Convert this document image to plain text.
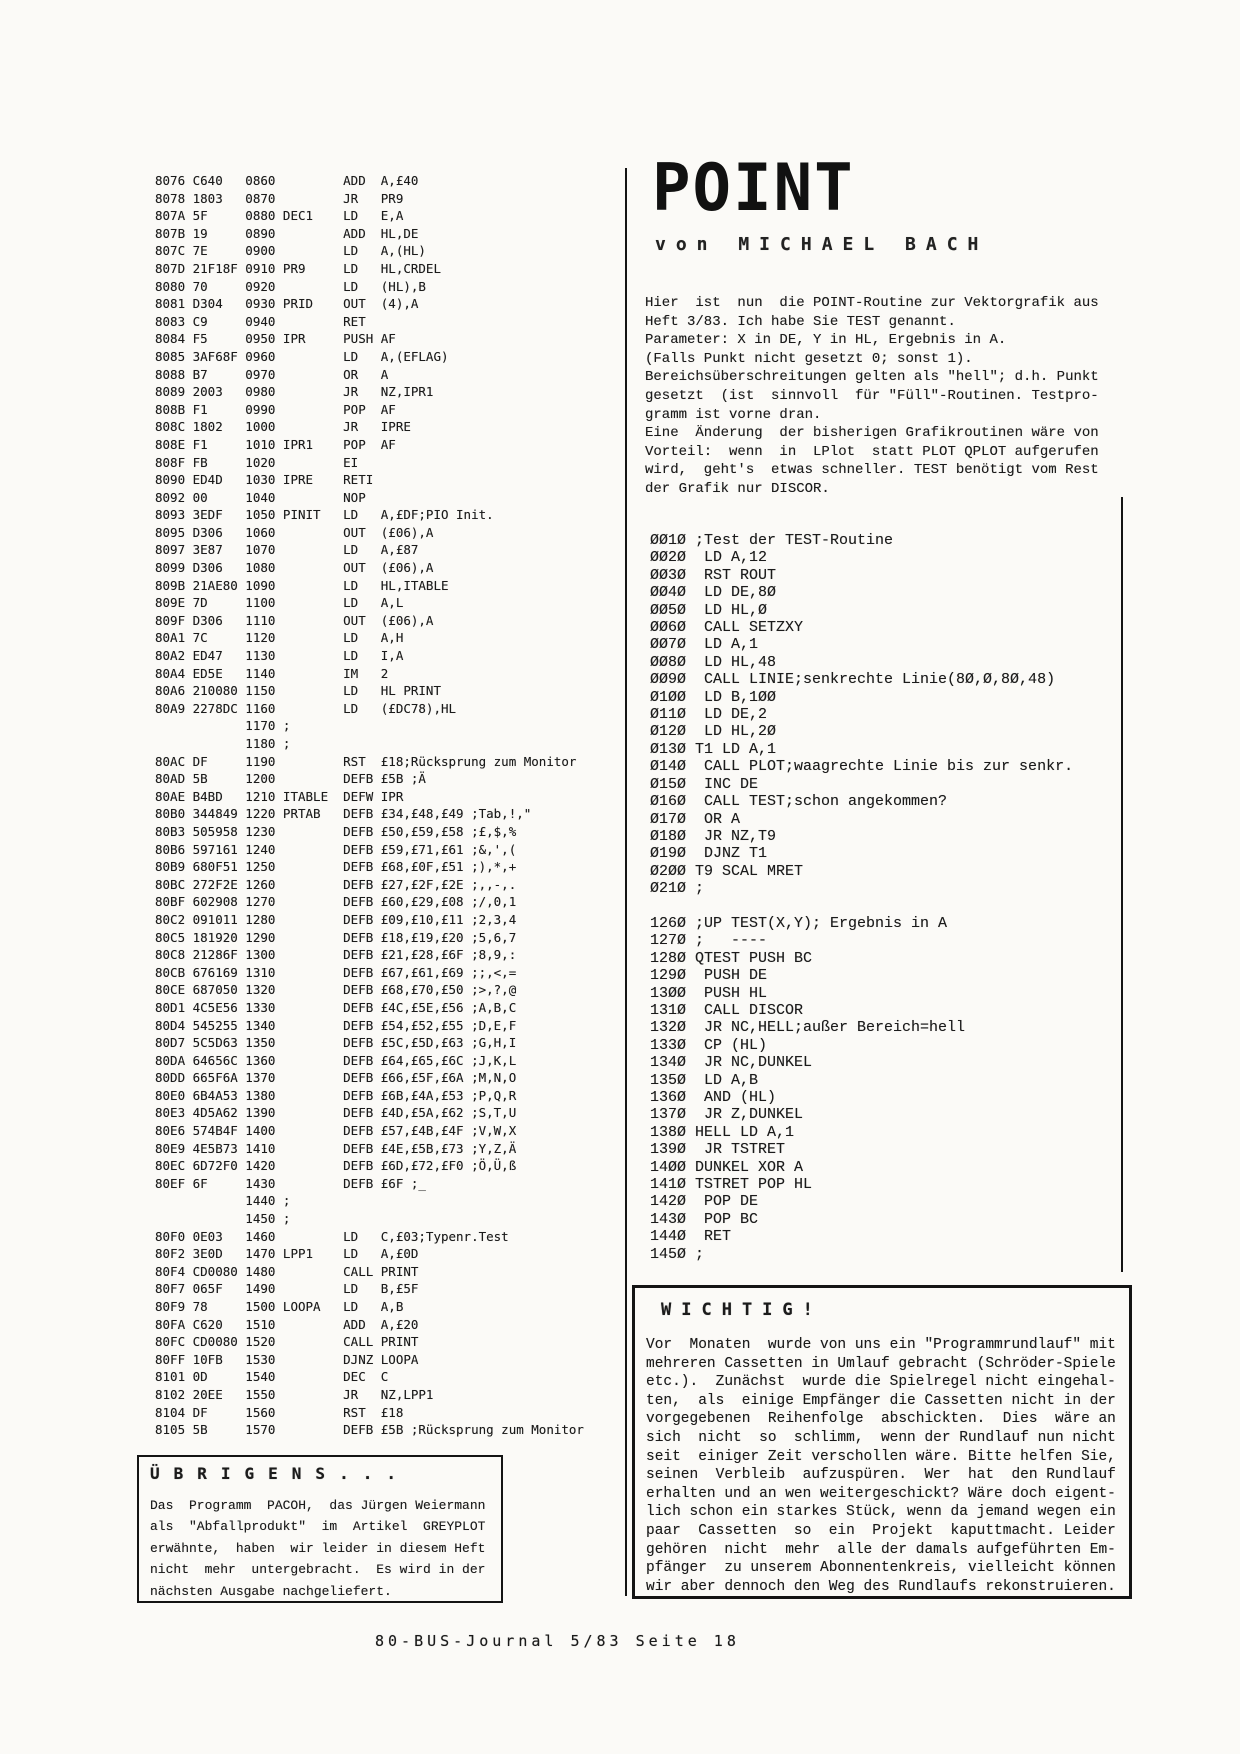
8076 C640   0860         ADD  A,£40
8078 1803   0870         JR   PR9
807A 5F     0880 DEC1    LD   E,A
807B 19     0890         ADD  HL,DE
807C 7E     0900         LD   A,(HL)
807D 21F18F 0910 PR9     LD   HL,CRDEL
8080 70     0920         LD   (HL),B
8081 D304   0930 PRID    OUT  (4),A
8083 C9     0940         RET
8084 F5     0950 IPR     PUSH AF
8085 3AF68F 0960         LD   A,(EFLAG)
8088 B7     0970         OR   A
8089 2003   0980         JR   NZ,IPR1
808B F1     0990         POP  AF
808C 1802   1000         JR   IPRE
808E F1     1010 IPR1    POP  AF
808F FB     1020         EI
8090 ED4D   1030 IPRE    RETI
8092 00     1040         NOP
8093 3EDF   1050 PINIT   LD   A,£DF;PIO Init.
8095 D306   1060         OUT  (£06),A
8097 3E87   1070         LD   A,£87
8099 D306   1080         OUT  (£06),A
809B 21AE80 1090         LD   HL,ITABLE
809E 7D     1100         LD   A,L
809F D306   1110         OUT  (£06),A
80A1 7C     1120         LD   A,H
80A2 ED47   1130         LD   I,A
80A4 ED5E   1140         IM   2
80A6 210080 1150         LD   HL PRINT
80A9 2278DC 1160         LD   (£DC78),HL
1170 ;
1180 ;
80AC DF     1190         RST  £18;Rücksprung zum Monitor
80AD 5B     1200         DEFB £5B ;Ä
80AE B4BD   1210 ITABLE  DEFW IPR
80B0 344849 1220 PRTAB   DEFB £34,£48,£49 ;Tab,!,"
80B3 505958 1230         DEFB £50,£59,£58 ;£,$,%
80B6 597161 1240         DEFB £59,£71,£61 ;&,',(
80B9 680F51 1250         DEFB £68,£0F,£51 ;),*,+
80BC 272F2E 1260         DEFB £27,£2F,£2E ;,,-,.
80BF 602908 1270         DEFB £60,£29,£08 ;/,0,1
80C2 091011 1280         DEFB £09,£10,£11 ;2,3,4
80C5 181920 1290         DEFB £18,£19,£20 ;5,6,7
80C8 21286F 1300         DEFB £21,£28,£6F ;8,9,:
80CB 676169 1310         DEFB £67,£61,£69 ;;,<,=
80CE 687050 1320         DEFB £68,£70,£50 ;>,?,@
80D1 4C5E56 1330         DEFB £4C,£5E,£56 ;A,B,C
80D4 545255 1340         DEFB £54,£52,£55 ;D,E,F
80D7 5C5D63 1350         DEFB £5C,£5D,£63 ;G,H,I
80DA 64656C 1360         DEFB £64,£65,£6C ;J,K,L
80DD 665F6A 1370         DEFB £66,£5F,£6A ;M,N,O
80E0 6B4A53 1380         DEFB £6B,£4A,£53 ;P,Q,R
80E3 4D5A62 1390         DEFB £4D,£5A,£62 ;S,T,U
80E6 574B4F 1400         DEFB £57,£4B,£4F ;V,W,X
80E9 4E5B73 1410         DEFB £4E,£5B,£73 ;Y,Z,Ä
80EC 6D72F0 1420         DEFB £6D,£72,£F0 ;Ö,Ü,ß
80EF 6F     1430         DEFB £6F ;_
1440 ;
1450 ;
80F0 0E03   1460         LD   C,£03;Typenr.Test
80F2 3E0D   1470 LPP1    LD   A,£0D
80F4 CD0080 1480         CALL PRINT
80F7 065F   1490         LD   B,£5F
80F9 78     1500 LOOPA   LD   A,B
80FA C620   1510         ADD  A,£20
80FC CD0080 1520         CALL PRINT
80FF 10FB   1530         DJNZ LOOPA
8101 0D     1540         DEC  C
8102 20EE   1550         JR   NZ,LPP1
8104 DF     1560         RST  £18
8105 5B     1570         DEFB £5B ;Rücksprung zum Monitor
POINT
von MICHAEL BACH
Hier  ist  nun  die POINT-Routine zur Vektorgrafik aus
Heft 3/83. Ich habe Sie TEST genannt.
Parameter: X in DE, Y in HL, Ergebnis in A.
(Falls Punkt nicht gesetzt 0; sonst 1).
Bereichsüberschreitungen gelten als "hell"; d.h. Punkt
gesetzt  (ist  sinnvoll  für "Füll"-Routinen. Testpro-
gramm ist vorne dran.
Eine  Änderung  der bisherigen Grafikroutinen wäre von
Vorteil:  wenn  in  LPlot  statt PLOT QPLOT aufgerufen
wird,  geht's  etwas schneller. TEST benötigt vom Rest
der Grafik nur DISCOR.
ØØ1Ø ;Test der TEST-Routine
ØØ2Ø  LD A,12
ØØ3Ø  RST ROUT
ØØ4Ø  LD DE,8Ø
ØØ5Ø  LD HL,Ø
ØØ6Ø  CALL SETZXY
ØØ7Ø  LD A,1
ØØ8Ø  LD HL,48
ØØ9Ø  CALL LINIE;senkrechte Linie(8Ø,Ø,8Ø,48)
Ø1ØØ  LD B,1ØØ
Ø11Ø  LD DE,2
Ø12Ø  LD HL,2Ø
Ø13Ø T1 LD A,1
Ø14Ø  CALL PLOT;waagrechte Linie bis zur senkr.
Ø15Ø  INC DE
Ø16Ø  CALL TEST;schon angekommen?
Ø17Ø  OR A
Ø18Ø  JR NZ,T9
Ø19Ø  DJNZ T1
Ø2ØØ T9 SCAL MRET
Ø21Ø ;

126Ø ;UP TEST(X,Y); Ergebnis in A
127Ø ;   ----
128Ø QTEST PUSH BC
129Ø  PUSH DE
13ØØ  PUSH HL
131Ø  CALL DISCOR
132Ø  JR NC,HELL;außer Bereich=hell
133Ø  CP (HL)
134Ø  JR NC,DUNKEL
135Ø  LD A,B
136Ø  AND (HL)
137Ø  JR Z,DUNKEL
138Ø HELL LD A,1
139Ø  JR TSTRET
14ØØ DUNKEL XOR A
141Ø TSTRET POP HL
142Ø  POP DE
143Ø  POP BC
144Ø  RET
145Ø ;
WICHTIG!
Vor  Monaten  wurde von uns ein "Programmrundlauf" mit
mehreren Cassetten in Umlauf gebracht (Schröder-Spiele
etc.).  Zunächst  wurde die Spielregel nicht eingehal-
ten,  als  einige Empfänger die Cassetten nicht in der
vorgegebenen  Reihenfolge  abschickten.  Dies  wäre an
sich  nicht  so  schlimm,  wenn der Rundlauf nun nicht
seit  einiger Zeit verschollen wäre. Bitte helfen Sie,
seinen  Verbleib  aufzuspüren.  Wer  hat  den Rundlauf
erhalten und an wen weitergeschickt? Wäre doch eigent-
lich schon ein starkes Stück, wenn da jemand wegen ein
paar  Cassetten  so  ein  Projekt  kaputtmacht. Leider
gehören  nicht  mehr  alle der damals aufgeführten Em-
pfänger  zu unserem Abonnentenkreis, vielleicht können
wir aber dennoch den Weg des Rundlaufs rekonstruieren.
ÜBRIGENS...
Das  Programm  PACOH,  das Jürgen Weiermann
als  "Abfallprodukt"  im  Artikel  GREYPLOT
erwähnte,  haben  wir leider in diesem Heft
nicht  mehr  untergebracht.  Es wird in der
nächsten Ausgabe nachgeliefert.
80-BUS-Journal 5/83 Seite 18
